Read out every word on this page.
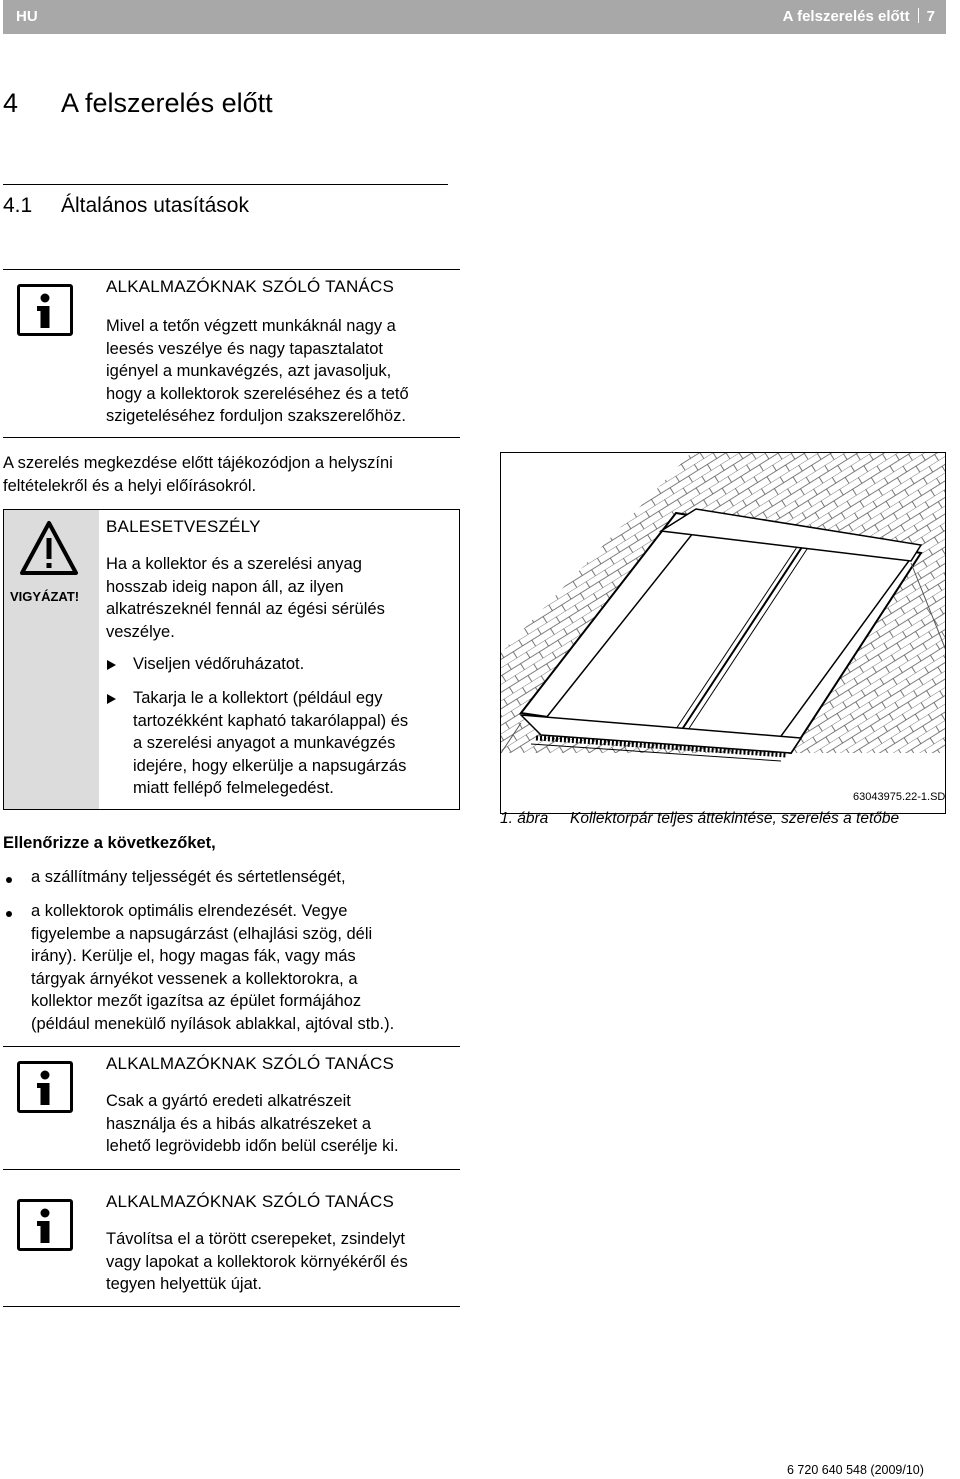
HU	A felszerelés előtt 7
4 A felszerelés előtt
4.1 Általános utasítások
ALKALMAZÓKNAK SZÓLÓ TANÁCS
Mivel a tetőn végzett munkáknál nagy a
leesés veszélye és nagy tapasztalatot
igényel a munkavégzés, azt javasoljuk,
hogy a kollektorok szereléséhez és a tető
szigeteléséhez forduljon szakszerelőhöz.
A szerelés megkezdése előtt tájékozódjon a helyszíni
feltételekről és a helyi előírásokról.
VIGYÁZAT!
BALESETVESZÉLY
Ha a kollektor és a szerelési anyag
hosszab ideig napon áll, az ilyen
alkatrészeknél fennál az égési sérülés
veszélye.
Viseljen védőruházatot.
Takarja le a kollektort (például egy
tartozékként kapható takarólappal) és
a szerelési anyagot a munkavégzés
idejére, hogy elkerülje a napsugárzás
miatt fellépő felmelegedést.
Ellenőrizze a következőket,
a szállítmány teljességét és sértetlenségét,
a kollektorok optimális elrendezését. Vegye
figyelembe a napsugárzást (elhajlási szög, déli
irány). Kerülje el, hogy magas fák, vagy más
tárgyak árnyékot vessenek a kollektorokra, a
kollektor mezőt igazítsa az épület formájához
(például menekülő nyílások ablakkal, ajtóval stb.).
ALKALMAZÓKNAK SZÓLÓ TANÁCS
Csak a gyártó eredeti alkatrészeit
használja és a hibás alkatrészeket a
lehető legrövidebb időn belül cserélje ki.
ALKALMAZÓKNAK SZÓLÓ TANÁCS
Távolítsa el a törött cserepeket, zsindelyt
vagy lapokat a kollektorok környékéről és
tegyen helyettük újat.
63043975.22-1.SD
1. ábra Kollektorpár teljes áttekintése, szerelés a tetőbe
6 720 640 548 (2009/10)
